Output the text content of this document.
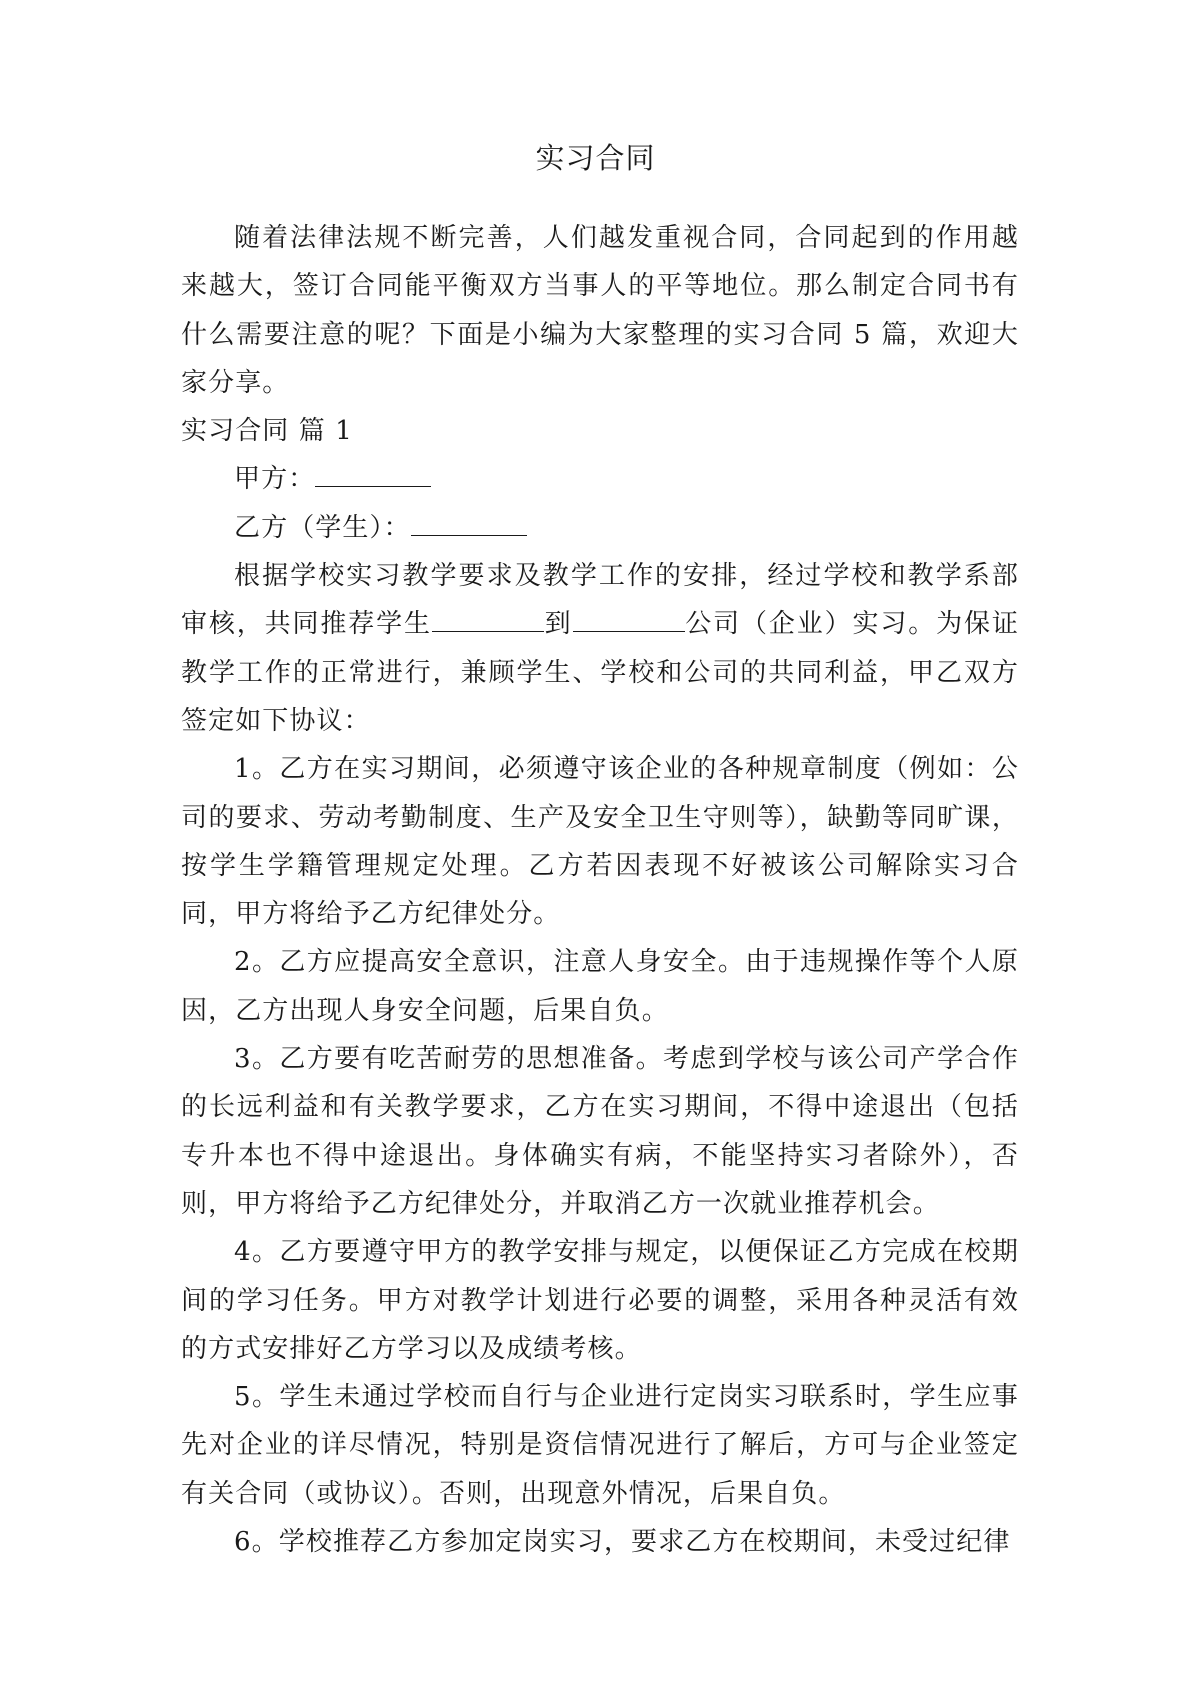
实习合同

随着法律法规不断完善，人们越发重视合同，合同起到的作用越来越大，签订合同能平衡双方当事人的平等地位。那么制定合同书有什么需要注意的呢？下面是小编为大家整理的实习合同 5 篇，欢迎大家分享。

实习合同 篇 1

甲方：

乙方（学生）：

根据学校实习教学要求及教学工作的安排，经过学校和教学系部审核，共同推荐学生	到	公司（企业）实习。为保证教学工作的正常进行，兼顾学生、学校和公司的共同利益，甲乙双方签定如下协议：

1。乙方在实习期间，必须遵守该企业的各种规章制度（例如：公司的要求、劳动考勤制度、生产及安全卫生守则等），缺勤等同旷课，按学生学籍管理规定处理。乙方若因表现不好被该公司解除实习合同，甲方将给予乙方纪律处分。

2。乙方应提高安全意识，注意人身安全。由于违规操作等个人原因，乙方出现人身安全问题，后果自负。

3。乙方要有吃苦耐劳的思想准备。考虑到学校与该公司产学合作的长远利益和有关教学要求，乙方在实习期间，不得中途退出（包括专升本也不得中途退出。身体确实有病，不能坚持实习者除外），否则，甲方将给予乙方纪律处分，并取消乙方一次就业推荐机会。

4。乙方要遵守甲方的教学安排与规定，以便保证乙方完成在校期间的学习任务。甲方对教学计划进行必要的调整，采用各种灵活有效的方式安排好乙方学习以及成绩考核。

5。学生未通过学校而自行与企业进行定岗实习联系时，学生应事先对企业的详尽情况，特别是资信情况进行了解后，方可与企业签定有关合同（或协议）。否则，出现意外情况，后果自负。

6。学校推荐乙方参加定岗实习，要求乙方在校期间，未受过纪律
